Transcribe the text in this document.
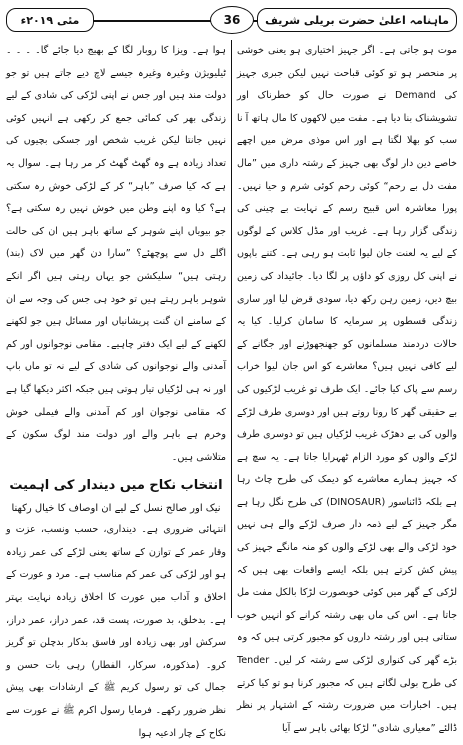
ماہنامہ اعلیٰ حضرت بریلی شریف
36
مئی ۲۰۱۹ء

موت ہو جاتی ہے۔ اگر جہیز اختیاری ہو یعنی خوشی پر منحصر ہو تو کوئی قباحت نہیں لیکن جبری جہیز کی Demand نے صورت حال کو خطرناک اور تشویشناک بنا دیا ہے۔ مفت میں لاکھوں کا مال ہاتھ آ نا سب کو بھلا لگتا ہے اور اس موذی مرض میں اچھے خاصے دین دار لوگ بھی جہیز کے رشتہ داری میں ”مال مفت دل بے رحم“ کوئی رحم کوئی شرم و حیا نہیں۔ پورا معاشرہ اس قبیح رسم کے نہایت بے چینی کی زندگی گزار رہا ہے۔ غریب اور مڈل کلاس کے لوگوں کے لیے یہ لعنت جان لیوا ثابت ہو رہی ہے۔ کتنے باپوں نے اپنی کل روزی کو داؤں پر لگا دیا۔ جائیداد کی زمین بیچ دیں، زمین رہن رکھ دیا، سودی قرض لیا اور ساری زندگی قسطوں پر سرمایہ کا سامان کرلیا۔ کیا یہ حالات دردمند مسلمانوں کو جھنجھوڑنے اور جگانے کے لیے کافی نہیں ہیں؟ معاشرے کو اس جان لیوا خراب رسم سے پاک کیا جائے۔ ایک طرف تو غریب لڑکیوں کی بے حقیقی گھر کا رونا روتے ہیں اور دوسری طرف لڑکے والوں کی بے دھڑک غریب لڑکیاں ہیں تو دوسری طرف لڑکے والوں کو مورد الزام ٹھہرایا جاتا ہے۔ یہ سچ ہے کہ جہیز ہمارے معاشرے کو دیمک کی طرح چاٹ رہا ہے بلکہ ڈائناسور (DINOSAUR) کی طرح نگل رہا ہے مگر جہیز کے لیے ذمہ دار صرف لڑکے والے ہی نہیں خود لڑکی والے بھی لڑکے والوں کو منہ مانگے جہیز کی پیش کش کرتے ہیں بلکہ ایسے واقعات بھی ہیں کہ لڑکی کے گھر میں کوئی خوبصورت لڑکا بالکل مفت مل جاتا ہے۔ اس کی ماں بھی رشتہ کرانے کو انہیں خوب ستاتی ہیں اور رشتہ داروں کو مجبور کرتی ہیں کہ وہ بڑے گھر کی کنواری لڑکی سے رشتہ کر لیں۔ Tender کی طرح بولی لگاتے ہیں کہ مجبور کرنا ہو تو کیا کرتے ہیں۔ اخبارات میں ضرورت رشتہ کے اشتہار پر نظر ڈالئے ”معیاری شادی“ لڑکا بھائی باہر سے آیا

ہوا ہے۔ ویزا کا روبار لگا کے بھیج دیا جائے گا۔ ۔ ۔ ۔ ٹیلیویژن وغیرہ وغیرہ جیسے لاچ دیے جاتے ہیں تو جو دولت مند ہیں اور جس نے اپنی لڑکی کی شادی کے لیے زندگی بھر کی کمائی جمع کر رکھی ہے انہیں کوئی نہیں جانتا لیکن غریب شخص اور جسکی بچیوں کی تعداد زیادہ ہے وہ گھٹ گھٹ کر مر رہا ہے۔ سوال یہ ہے کہ کیا صرف ”باہر“ کر کے لڑکی خوش رہ سکتی ہے؟ کیا وہ اپنے وطن میں خوش نہیں رہ سکتی ہے؟ جو بیویاں اپنے شوہر کے ساتھ باہر ہیں ان کی حالت اگلے دل سے پوچھئے؟ ”سارا دن گھر میں لاک (بند) رہتی ہیں“ سلیکشن جو یہاں رہتی ہیں اگر انکے شوہر باہر رہتے ہیں تو خود ہی جس کی وجہ سے ان کے سامنے ان گنت پریشانیاں اور مسائل ہیں جو لکھنے لکھنے کے لیے ایک دفتر چاہیے۔ مقامی نوجوانوں اور کم آمدنی والے نوجوانوں کی شادی کے لیے نہ تو ماں باپ اور نہ ہی لڑکیاں تیار ہوتی ہیں جبکہ اکثر دیکھا گیا ہے کہ مقامی نوجوان اور کم آمدنی والے فیملی خوش وخرم ہے باہر والے اور دولت مند لوگ سکون کے متلاشی ہیں۔

انتخاب نکاح میں دیندار کی اہمیت
نیک اور صالح نسل کے لیے ان اوصاف کا خیال رکھنا

انتہائی ضروری ہے۔ دینداری، حسب ونسب، عزت و وقار عمر کے توازن کے ساتھ یعنی لڑکے کی عمر زیادہ ہو اور لڑکی کی عمر کم مناسب ہے۔ مرد و عورت کے اخلاق و آداب میں عورت کا اخلاق زیادہ نہایت بہتر ہے۔ بدخلق، بد صورت، پست قد، عمر دراز، عمر دراز، سرکش اور بھی زیادہ اور فاسق بدکار بدچلن تو گریز کرو۔ (مذکورہ، سرکار، الفطار) رہی بات حسن و جمال کی تو رسول کریم ﷺ کے ارشادات بھی پیش نظر ضرور رکھے۔ فرمایا رسول اکرم ﷺ نے عورت سے نکاح کے چار ادعیہ ہوا
